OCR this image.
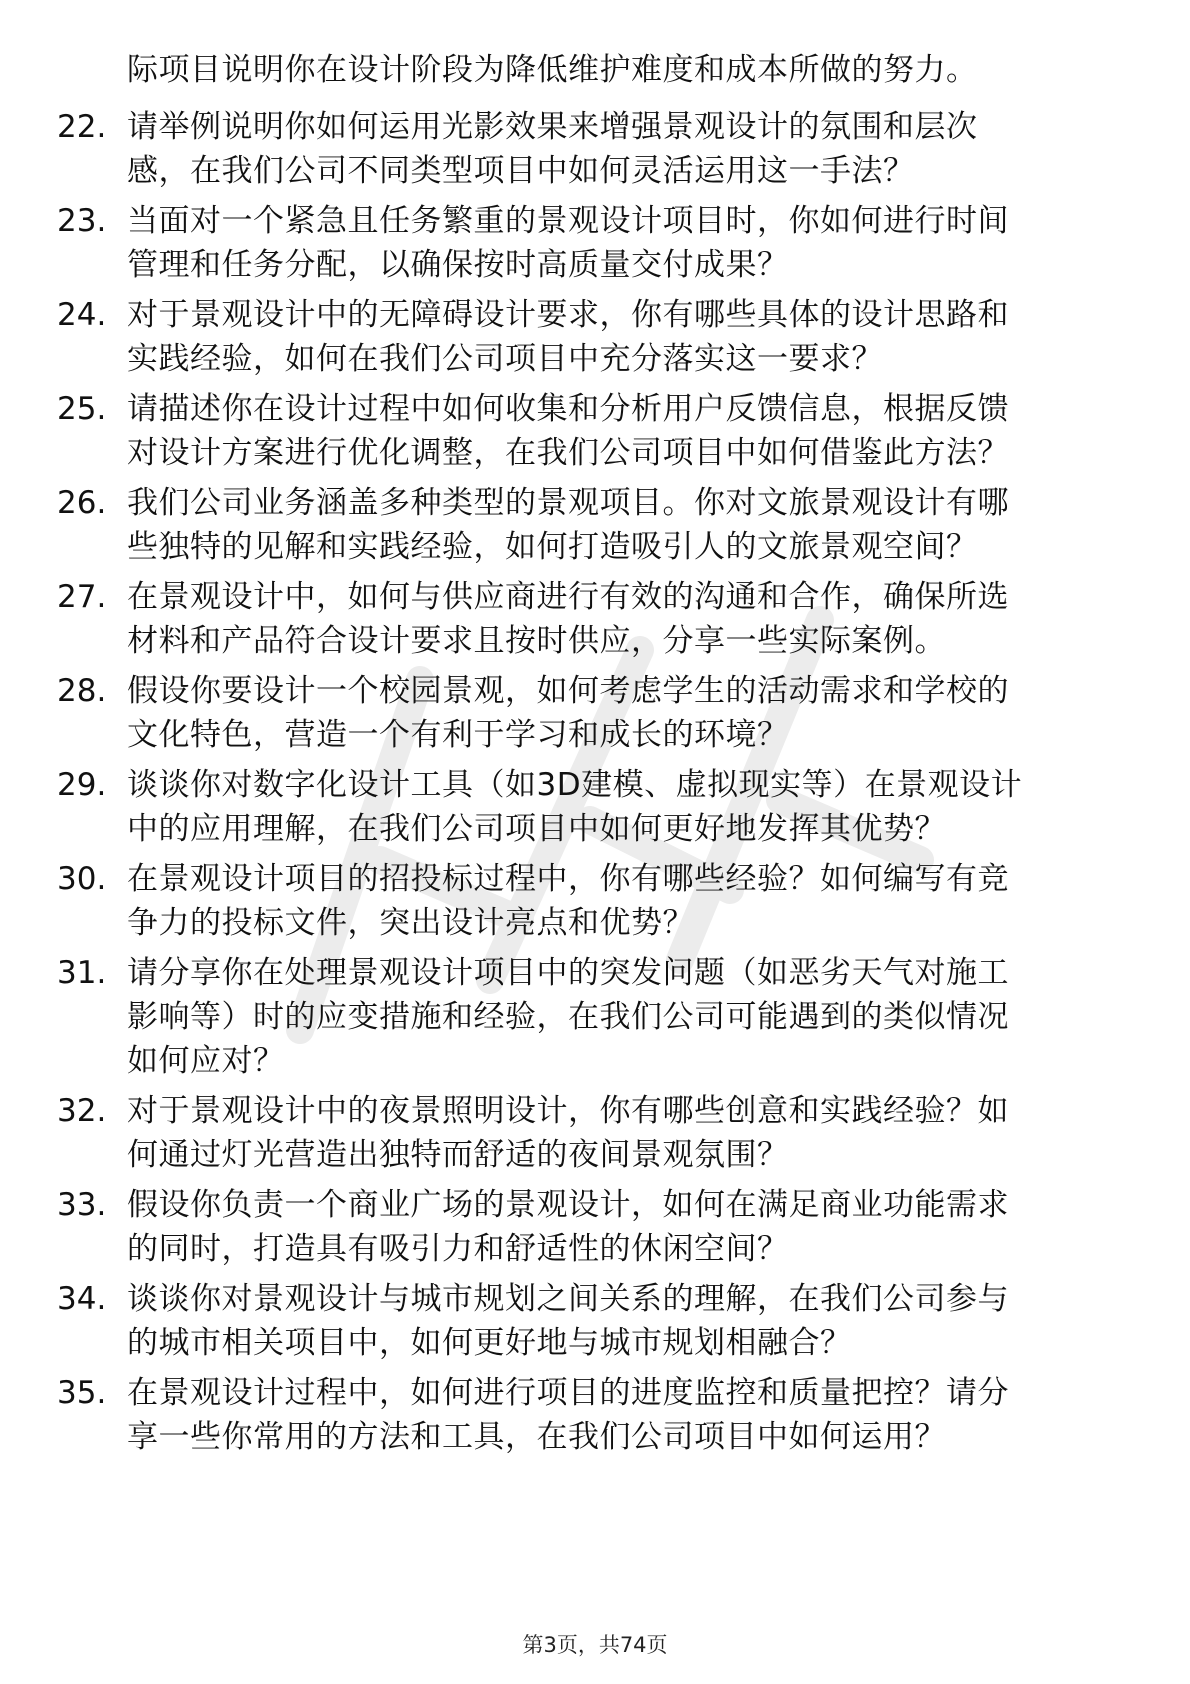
际项目说明你在设计阶段为降低维护难度和成本所做的努力。
22. 请举例说明你如何运用光影效果来增强景观设计的氛围和层次
感，在我们公司不同类型项目中如何灵活运用这一手法？
23. 当面对一个紧急且任务繁重的景观设计项目时，你如何进行时间
管理和任务分配，以确保按时高质量交付成果？
24. 对于景观设计中的无障碍设计要求，你有哪些具体的设计思路和
实践经验，如何在我们公司项目中充分落实这一要求？
25. 请描述你在设计过程中如何收集和分析用户反馈信息，根据反馈
对设计方案进行优化调整，在我们公司项目中如何借鉴此方法？
26. 我们公司业务涵盖多种类型的景观项目。你对文旅景观设计有哪
些独特的见解和实践经验，如何打造吸引人的文旅景观空间？
27. 在景观设计中，如何与供应商进行有效的沟通和合作，确保所选
材料和产品符合设计要求且按时供应，分享一些实际案例。
28. 假设你要设计一个校园景观，如何考虑学生的活动需求和学校的
文化特色，营造一个有利于学习和成长的环境？
29. 谈谈你对数字化设计工具（如3D建模、虚拟现实等）在景观设计
中的应用理解，在我们公司项目中如何更好地发挥其优势？
30. 在景观设计项目的招投标过程中，你有哪些经验？如何编写有竞
争力的投标文件，突出设计亮点和优势？
31. 请分享你在处理景观设计项目中的突发问题（如恶劣天气对施工
影响等）时的应变措施和经验，在我们公司可能遇到的类似情况
如何应对？
32. 对于景观设计中的夜景照明设计，你有哪些创意和实践经验？如
何通过灯光营造出独特而舒适的夜间景观氛围？
33. 假设你负责一个商业广场的景观设计，如何在满足商业功能需求
的同时，打造具有吸引力和舒适性的休闲空间？
34. 谈谈你对景观设计与城市规划之间关系的理解，在我们公司参与
的城市相关项目中，如何更好地与城市规划相融合？
35. 在景观设计过程中，如何进行项目的进度监控和质量把控？请分
享一些你常用的方法和工具，在我们公司项目中如何运用？
第3页，共74页
